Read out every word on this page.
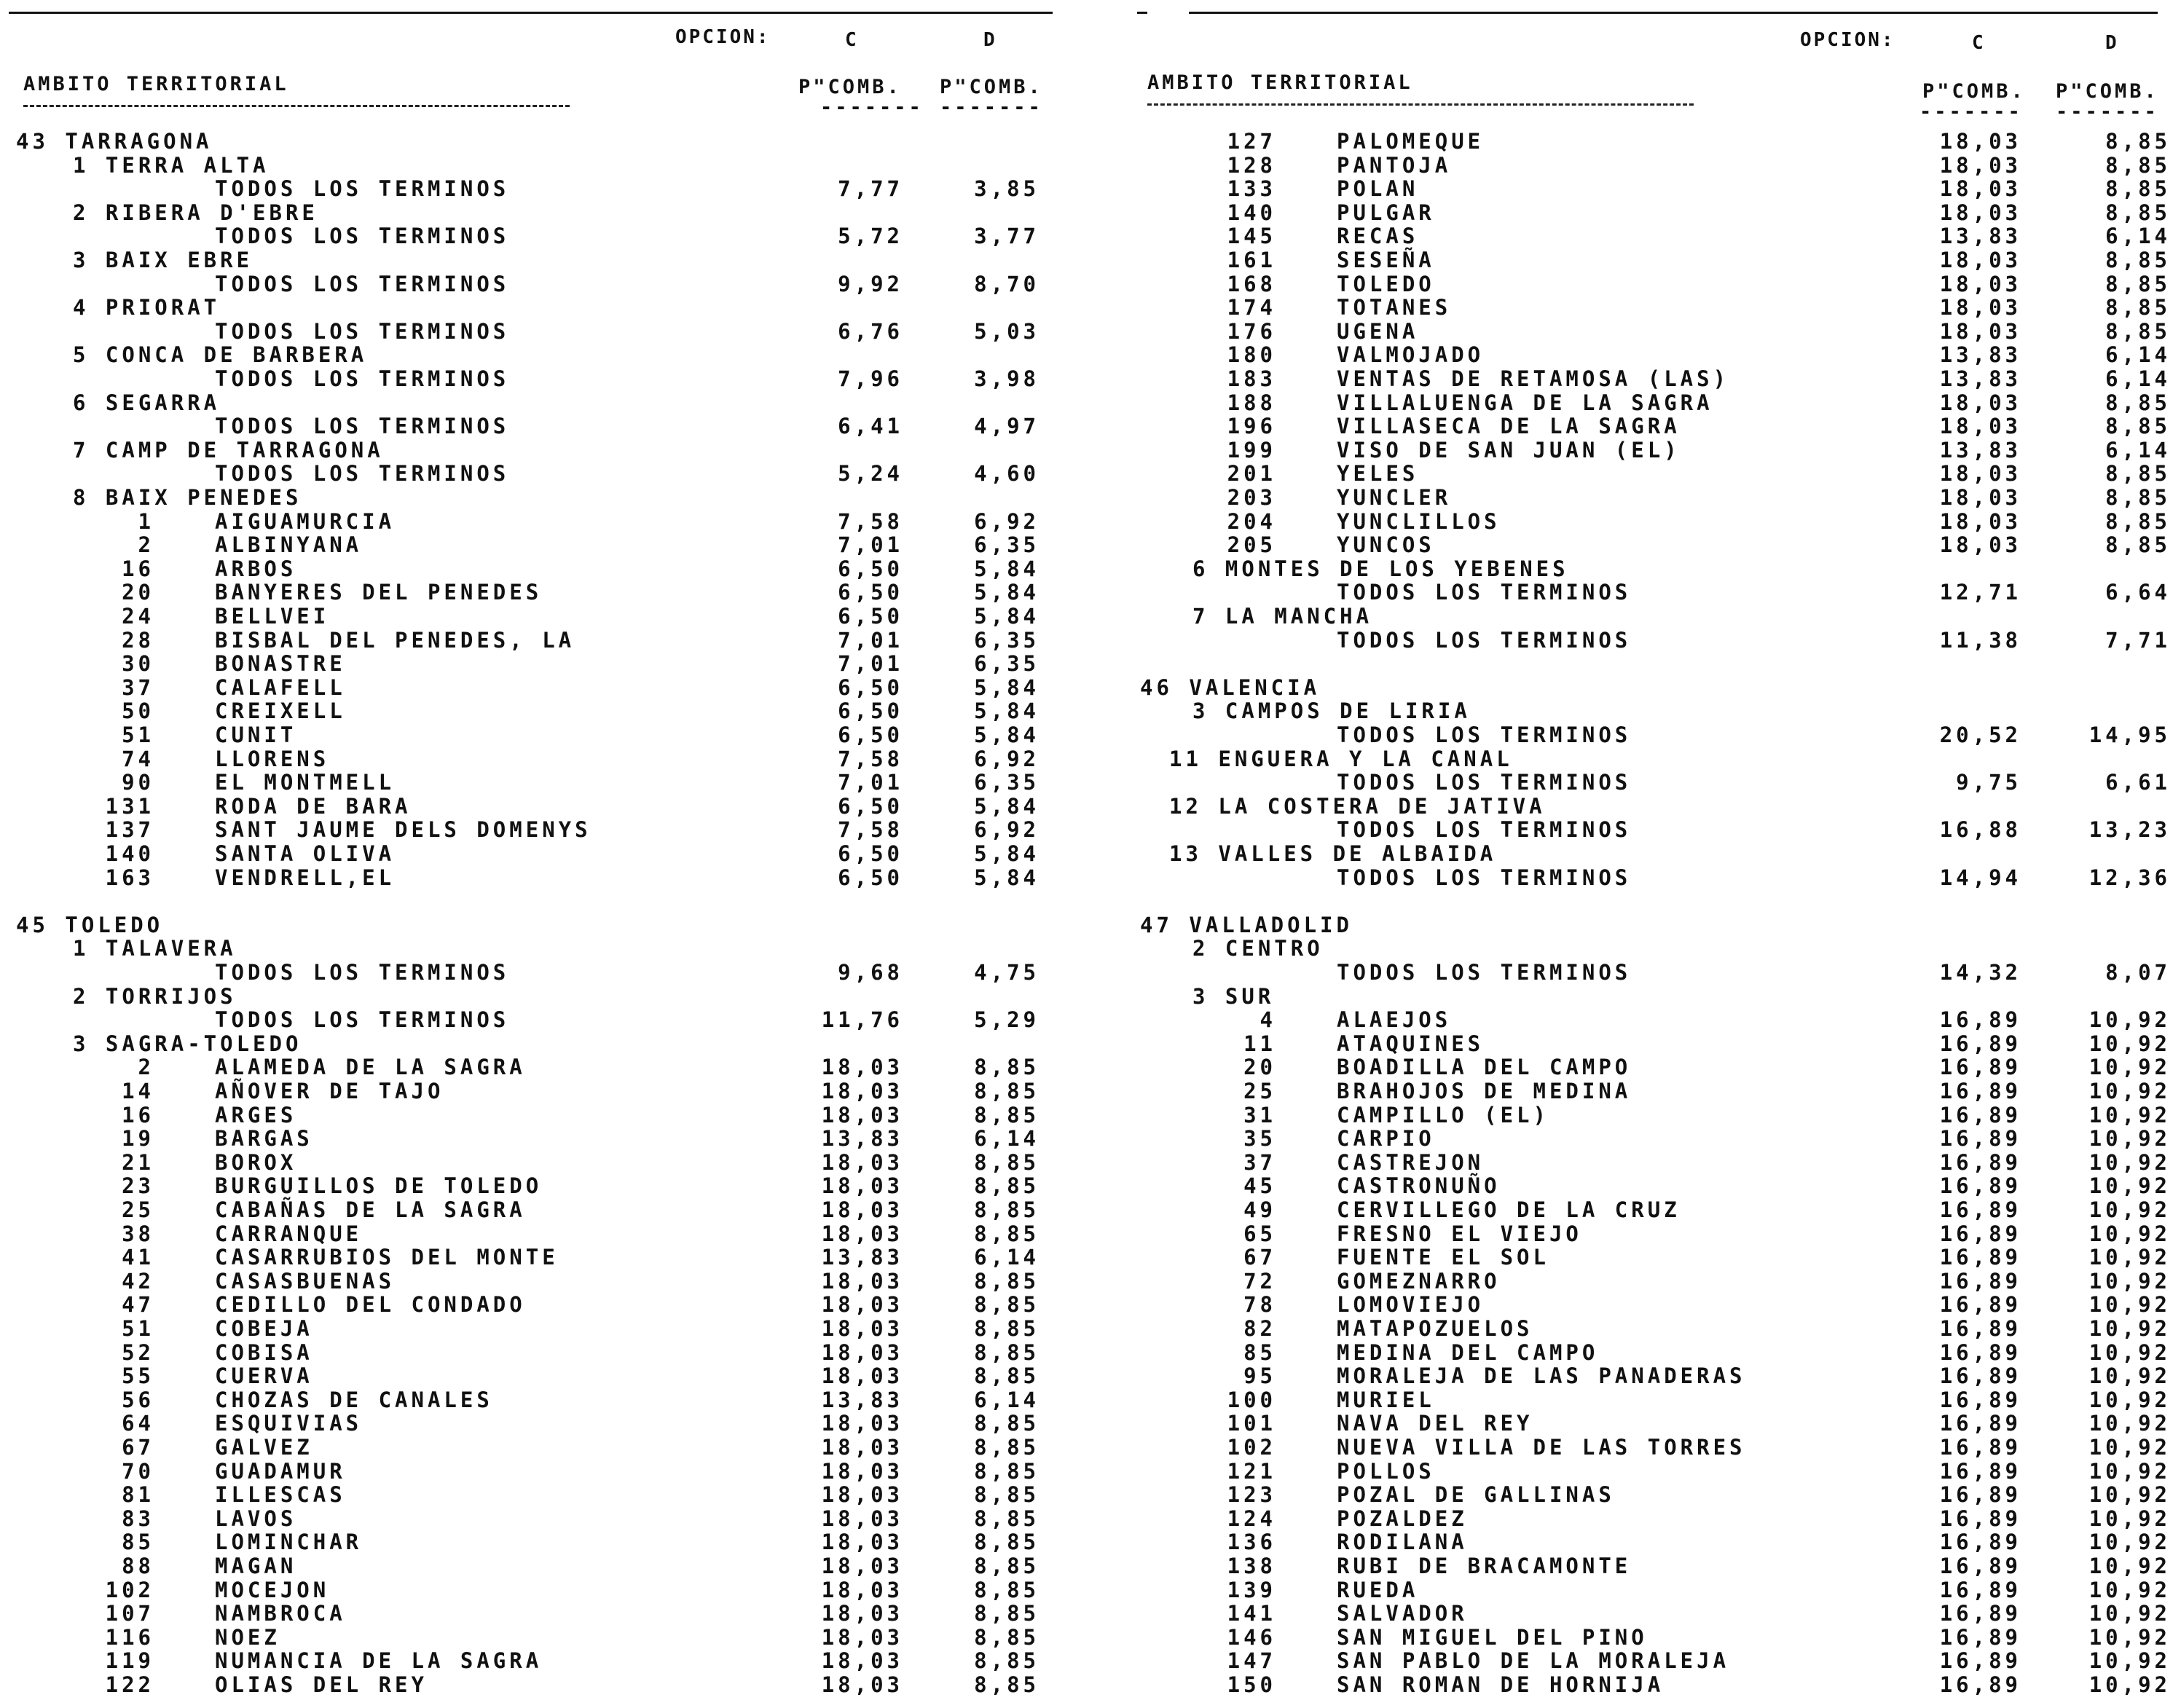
OPCION:	C	D
AMBITO TERRITORIAL	P"COMB. P"COMB.
------- -------
43 TARRAGONA
1 TERRA ALTA
TODOS LOS TERMINOS	7,77	3,85
2 RIBERA D'EBRE
TODOS LOS TERMINOS	5,72	3,77
3 BAIX EBRE
TODOS LOS TERMINOS	9,92	8,70
4 PRIORAT
TODOS LOS TERMINOS	6,76	5,03
5 CONCA DE BARBERA
TODOS LOS TERMINOS	7,96	3,98
6 SEGARRA
TODOS LOS TERMINOS	6,41	4,97
7 CAMP DE TARRAGONA
TODOS LOS TERMINOS	5,24	4,60
8 BAIX PENEDES
1	AIGUAMURCIA	7,58	6,92
2	ALBINYANA	7,01	6,35
16	ARBOS	6,50	5,84
20	BANYERES DEL PENEDES	6,50	5,84
24	BELLVEI	6,50	5,84
28	BISBAL DEL PENEDES, LA	7,01	6,35
30	BONASTRE	7,01	6,35
37	CALAFELL	6,50	5,84
50	CREIXELL	6,50	5,84
51	CUNIT	6,50	5,84
74	LLORENS	7,58	6,92
90	EL MONTMELL	7,01	6,35
131	RODA DE BARA	6,50	5,84
137	SANT JAUME DELS DOMENYS	7,58	6,92
140	SANTA OLIVA	6,50	5,84
163	VENDRELL,EL	6,50	5,84
45 TOLEDO
1 TALAVERA
TODOS LOS TERMINOS	9,68	4,75
2 TORRIJOS
TODOS LOS TERMINOS	11,76	5,29
3 SAGRA-TOLEDO
2	ALAMEDA DE LA SAGRA	18,03	8,85
14	AÑOVER DE TAJO	18,03	8,85
16	ARGES	18,03	8,85
19	BARGAS	13,83	6,14
21	BOROX	18,03	8,85
23	BURGUILLOS DE TOLEDO	18,03	8,85
25	CABAÑAS DE LA SAGRA	18,03	8,85
38	CARRANQUE	18,03	8,85
41	CASARRUBIOS DEL MONTE	13,83	6,14
42	CASASBUENAS	18,03	8,85
47	CEDILLO DEL CONDADO	18,03	8,85
51	COBEJA	18,03	8,85
52	COBISA	18,03	8,85
55	CUERVA	18,03	8,85
56	CHOZAS DE CANALES	13,83	6,14
64	ESQUIVIAS	18,03	8,85
67	GALVEZ	18,03	8,85
70	GUADAMUR	18,03	8,85
81	ILLESCAS	18,03	8,85
83	LAVOS	18,03	8,85
85	LOMINCHAR	18,03	8,85
88	MAGAN	18,03	8,85
102	MOCEJON	18,03	8,85
107	NAMBROCA	18,03	8,85
116	NOEZ	18,03	8,85
119	NUMANCIA DE LA SAGRA	18,03	8,85
122	OLIAS DEL REY	18,03	8,85
OPCION:	C	D
AMBITO TERRITORIAL	P"COMB. P"COMB.
------- -------
127	PALOMEQUE	18,03	8,85
128	PANTOJA	18,03	8,85
133	POLAN	18,03	8,85
140	PULGAR	18,03	8,85
145	RECAS	13,83	6,14
161	SESEÑA	18,03	8,85
168	TOLEDO	18,03	8,85
174	TOTANES	18,03	8,85
176	UGENA	18,03	8,85
180	VALMOJADO	13,83	6,14
183	VENTAS DE RETAMOSA (LAS)	13,83	6,14
188	VILLALUENGA DE LA SAGRA	18,03	8,85
196	VILLASECA DE LA SAGRA	18,03	8,85
199	VISO DE SAN JUAN (EL)	13,83	6,14
201	YELES	18,03	8,85
203	YUNCLER	18,03	8,85
204	YUNCLILLOS	18,03	8,85
205	YUNCOS	18,03	8,85
6 MONTES DE LOS YEBENES
TODOS LOS TERMINOS	12,71	6,64
7 LA MANCHA
TODOS LOS TERMINOS	11,38	7,71
46 VALENCIA
3 CAMPOS DE LIRIA
TODOS LOS TERMINOS	20,52	14,95
11 ENGUERA Y LA CANAL
TODOS LOS TERMINOS	9,75	6,61
12 LA COSTERA DE JATIVA
TODOS LOS TERMINOS	16,88	13,23
13 VALLES DE ALBAIDA
TODOS LOS TERMINOS	14,94	12,36
47 VALLADOLID
2 CENTRO
TODOS LOS TERMINOS	14,32	8,07
3 SUR
4	ALAEJOS	16,89	10,92
11	ATAQUINES	16,89	10,92
20	BOADILLA DEL CAMPO	16,89	10,92
25	BRAHOJOS DE MEDINA	16,89	10,92
31	CAMPILLO (EL)	16,89	10,92
35	CARPIO	16,89	10,92
37	CASTREJON	16,89	10,92
45	CASTRONUÑO	16,89	10,92
49	CERVILLEGO DE LA CRUZ	16,89	10,92
65	FRESNO EL VIEJO	16,89	10,92
67	FUENTE EL SOL	16,89	10,92
72	GOMEZNARRO	16,89	10,92
78	LOMOVIEJO	16,89	10,92
82	MATAPOZUELOS	16,89	10,92
85	MEDINA DEL CAMPO	16,89	10,92
95	MORALEJA DE LAS PANADERAS	16,89	10,92
100	MURIEL	16,89	10,92
101	NAVA DEL REY	16,89	10,92
102	NUEVA VILLA DE LAS TORRES	16,89	10,92
121	POLLOS	16,89	10,92
123	POZAL DE GALLINAS	16,89	10,92
124	POZALDEZ	16,89	10,92
136	RODILANA	16,89	10,92
138	RUBI DE BRACAMONTE	16,89	10,92
139	RUEDA	16,89	10,92
141	SALVADOR	16,89	10,92
146	SAN MIGUEL DEL PINO	16,89	10,92
147	SAN PABLO DE LA MORALEJA	16,89	10,92
150	SAN ROMAN DE HORNIJA	16,89	10,92
